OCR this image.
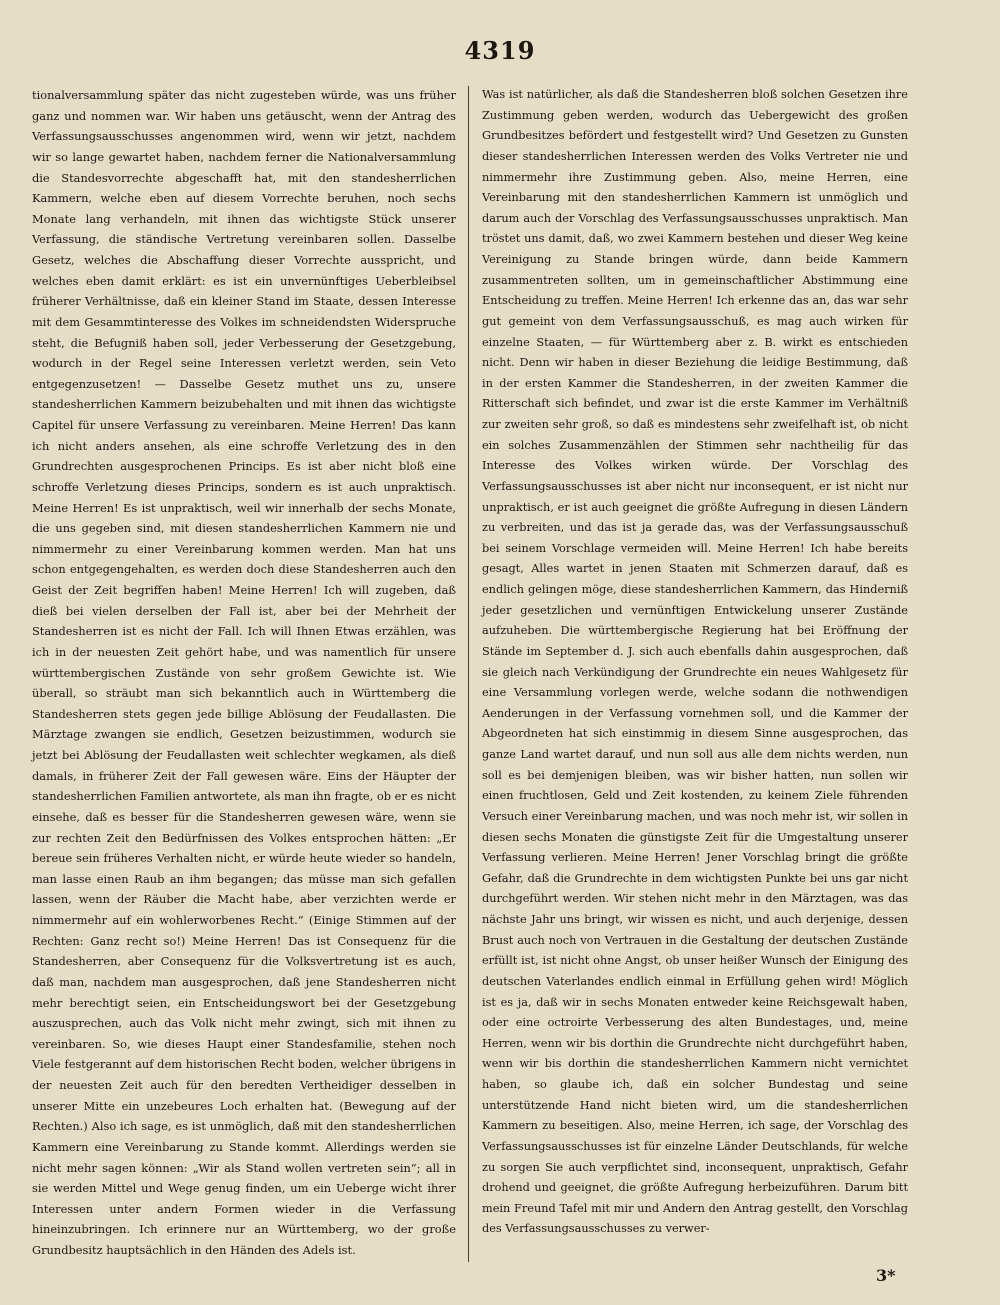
4319

tionalversammlung später das nicht zugesteben würde, was uns früher ganz und nommen war. Wir haben uns getäuscht, wenn der Antrag des Verfassungsausschusses angenommen wird, wenn wir jetzt, nachdem wir so lange gewartet haben, nachdem ferner die Nationalversammlung die Standesvorrechte abgeschafft hat, mit den standesherrlichen Kammern, welche eben auf diesem Vorrechte beruhen, noch sechs Monate lang verhandeln, mit ihnen das wichtigste Stück unserer Verfassung, die ständische Vertretung vereinbaren sollen. Dasselbe Gesetz, welches die Abschaffung dieser Vorrechte ausspricht, und welches eben damit erklärt: es ist ein unvernünftiges Ueberbleibsel früherer Verhältnisse, daß ein kleiner Stand im Staate, dessen Interesse mit dem Gesammtinteresse des Volkes im schneidendsten Widerspruche steht, die Befugniß haben soll, jeder Verbesserung der Gesetzgebung, wodurch in der Regel seine Interessen verletzt werden, sein Veto entgegenzusetzen! — Dasselbe Gesetz muthet uns zu, unsere standesherrlichen Kammern beizubehalten und mit ihnen das wichtigste Capitel für unsere Verfassung zu vereinbaren. Meine Herren! Das kann ich nicht anders ansehen, als eine schroffe Verletzung des in den Grundrechten ausgesprochenen Princips. Es ist aber nicht bloß eine schroffe Verletzung dieses Princips, sondern es ist auch unpraktisch. Meine Herren! Es ist unpraktisch, weil wir innerhalb der sechs Monate, die uns gegeben sind, mit diesen standesherrlichen Kammern nie und nimmermehr zu einer Vereinbarung kommen werden. Man hat uns schon entgegengehalten, es werden doch diese Standesherren auch den Geist der Zeit begriffen haben! Meine Herren! Ich will zugeben, daß dieß bei vielen derselben der Fall ist, aber bei der Mehrheit der Standesherren ist es nicht der Fall. Ich will Ihnen Etwas erzählen, was ich in der neuesten Zeit gehört habe, und was namentlich für unsere württembergischen Zustände von sehr großem Gewichte ist. Wie überall, so sträubt man sich bekanntlich auch in Württemberg die Standesherren stets gegen jede billige Ablösung der Feudallasten. Die Märztage zwangen sie endlich, Gesetzen beizustimmen, wodurch sie jetzt bei Ablösung der Feudallasten weit schlechter wegkamen, als dieß damals, in früherer Zeit der Fall gewesen wäre. Eins der Häupter der standesherrlichen Familien antwortete, als man ihn fragte, ob er es nicht einsehe, daß es besser für die Standesherren gewesen wäre, wenn sie zur rechten Zeit den Bedürfnissen des Volkes entsprochen hätten: „Er bereue sein früheres Verhalten nicht, er würde heute wieder so handeln, man lasse einen Raub an ihm begangen; das müsse man sich gefallen lassen, wenn der Räuber die Macht habe, aber verzichten werde er nimmermehr auf ein wohlerworbenes Recht.“ (Einige Stimmen auf der Rechten: Ganz recht so!) Meine Herren! Das ist Consequenz für die Standesherren, aber Consequenz für die Volksvertretung ist es auch, daß man, nachdem man ausgesprochen, daß jene Standesherren nicht mehr berechtigt seien, ein Entscheidungswort bei der Gesetzgebung auszusprechen, auch das Volk nicht mehr zwingt, sich mit ihnen zu vereinbaren. So, wie dieses Haupt einer Standesfamilie, stehen noch Viele festgerannt auf dem historischen Recht boden, welcher übrigens in der neuesten Zeit auch für den beredten Vertheidiger desselben in unserer Mitte ein unzebeures Loch erhalten hat. (Bewegung auf der Rechten.) Also ich sage, es ist unmöglich, daß mit den standesherrlichen Kammern eine Vereinbarung zu Stande kommt. Allerdings werden sie nicht mehr sagen können: „Wir als Stand wollen vertreten sein“; all in sie werden Mittel und Wege genug finden, um ein Ueberge wicht ihrer Interessen unter andern Formen wieder in die Verfassung hineinzubringen. Ich erinnere nur an Württemberg, wo der große Grundbesitz hauptsächlich in den Händen des Adels ist.

Was ist natürlicher, als daß die Standesherren bloß solchen Gesetzen ihre Zustimmung geben werden, wodurch das Uebergewicht des großen Grundbesitzes befördert und festgestellt wird? Und Gesetzen zu Gunsten dieser standesherrlichen Interessen werden des Volks Vertreter nie und nimmermehr ihre Zustimmung geben. Also, meine Herren, eine Vereinbarung mit den standesherrlichen Kammern ist unmöglich und darum auch der Vorschlag des Verfassungsausschusses unpraktisch. Man tröstet uns damit, daß, wo zwei Kammern bestehen und dieser Weg keine Vereinigung zu Stande bringen würde, dann beide Kammern zusammentreten sollten, um in gemeinschaftlicher Abstimmung eine Entscheidung zu treffen. Meine Herren! Ich erkenne das an, das war sehr gut gemeint von dem Verfassungsausschuß, es mag auch wirken für einzelne Staaten, — für Württemberg aber z. B. wirkt es entschieden nicht. Denn wir haben in dieser Beziehung die leidige Bestimmung, daß in der ersten Kammer die Standesherren, in der zweiten Kammer die Ritterschaft sich befindet, und zwar ist die erste Kammer im Verhältniß zur zweiten sehr groß, so daß es mindestens sehr zweifelhaft ist, ob nicht ein solches Zusammenzählen der Stimmen sehr nachtheilig für das Interesse des Volkes wirken würde. Der Vorschlag des Verfassungsausschusses ist aber nicht nur inconsequent, er ist nicht nur unpraktisch, er ist auch geeignet die größte Aufregung in diesen Ländern zu verbreiten, und das ist ja gerade das, was der Verfassungsausschuß bei seinem Vorschlage vermeiden will. Meine Herren! Ich habe bereits gesagt, Alles wartet in jenen Staaten mit Schmerzen darauf, daß es endlich gelingen möge, diese standesherrlichen Kammern, das Hinderniß jeder gesetzlichen und vernünftigen Entwickelung unserer Zustände aufzuheben. Die württembergische Regierung hat bei Eröffnung der Stände im September d. J. sich auch ebenfalls dahin ausgesprochen, daß sie gleich nach Verkündigung der Grundrechte ein neues Wahlgesetz für eine Versammlung vorlegen werde, welche sodann die nothwendigen Aenderungen in der Verfassung vornehmen soll, und die Kammer der Abgeordneten hat sich einstimmig in diesem Sinne ausgesprochen, das ganze Land wartet darauf, und nun soll aus alle dem nichts werden, nun soll es bei demjenigen bleiben, was wir bisher hatten, nun sollen wir einen fruchtlosen, Geld und Zeit kostenden, zu keinem Ziele führenden Versuch einer Vereinbarung machen, und was noch mehr ist, wir sollen in diesen sechs Monaten die günstigste Zeit für die Umgestaltung unserer Verfassung verlieren. Meine Herren! Jener Vorschlag bringt die größte Gefahr, daß die Grundrechte in dem wichtigsten Punkte bei uns gar nicht durchgeführt werden. Wir stehen nicht mehr in den Märztagen, was das nächste Jahr uns bringt, wir wissen es nicht, und auch derjenige, dessen Brust auch noch von Vertrauen in die Gestaltung der deutschen Zustände erfüllt ist, ist nicht ohne Angst, ob unser heißer Wunsch der Einigung des deutschen Vaterlandes endlich einmal in Erfüllung gehen wird! Möglich ist es ja, daß wir in sechs Monaten entweder keine Reichsgewalt haben, oder eine octroirte Verbesserung des alten Bundestages, und, meine Herren, wenn wir bis dorthin die Grundrechte nicht durchgeführt haben, wenn wir bis dorthin die standesherrlichen Kammern nicht vernichtet haben, so glaube ich, daß ein solcher Bundestag und seine unterstützende Hand nicht bieten wird, um die standesherrlichen Kammern zu beseitigen. Also, meine Herren, ich sage, der Vorschlag des Verfassungsausschusses ist für einzelne Länder Deutschlands, für welche zu sorgen Sie auch verpflichtet sind, inconsequent, unpraktisch, Gefahr drohend und geeignet, die größte Aufregung herbeizuführen. Darum bitt mein Freund Tafel mit mir und Andern den Antrag gestellt, den Vorschlag des Verfassungsausschusses zu verwer-

3*
